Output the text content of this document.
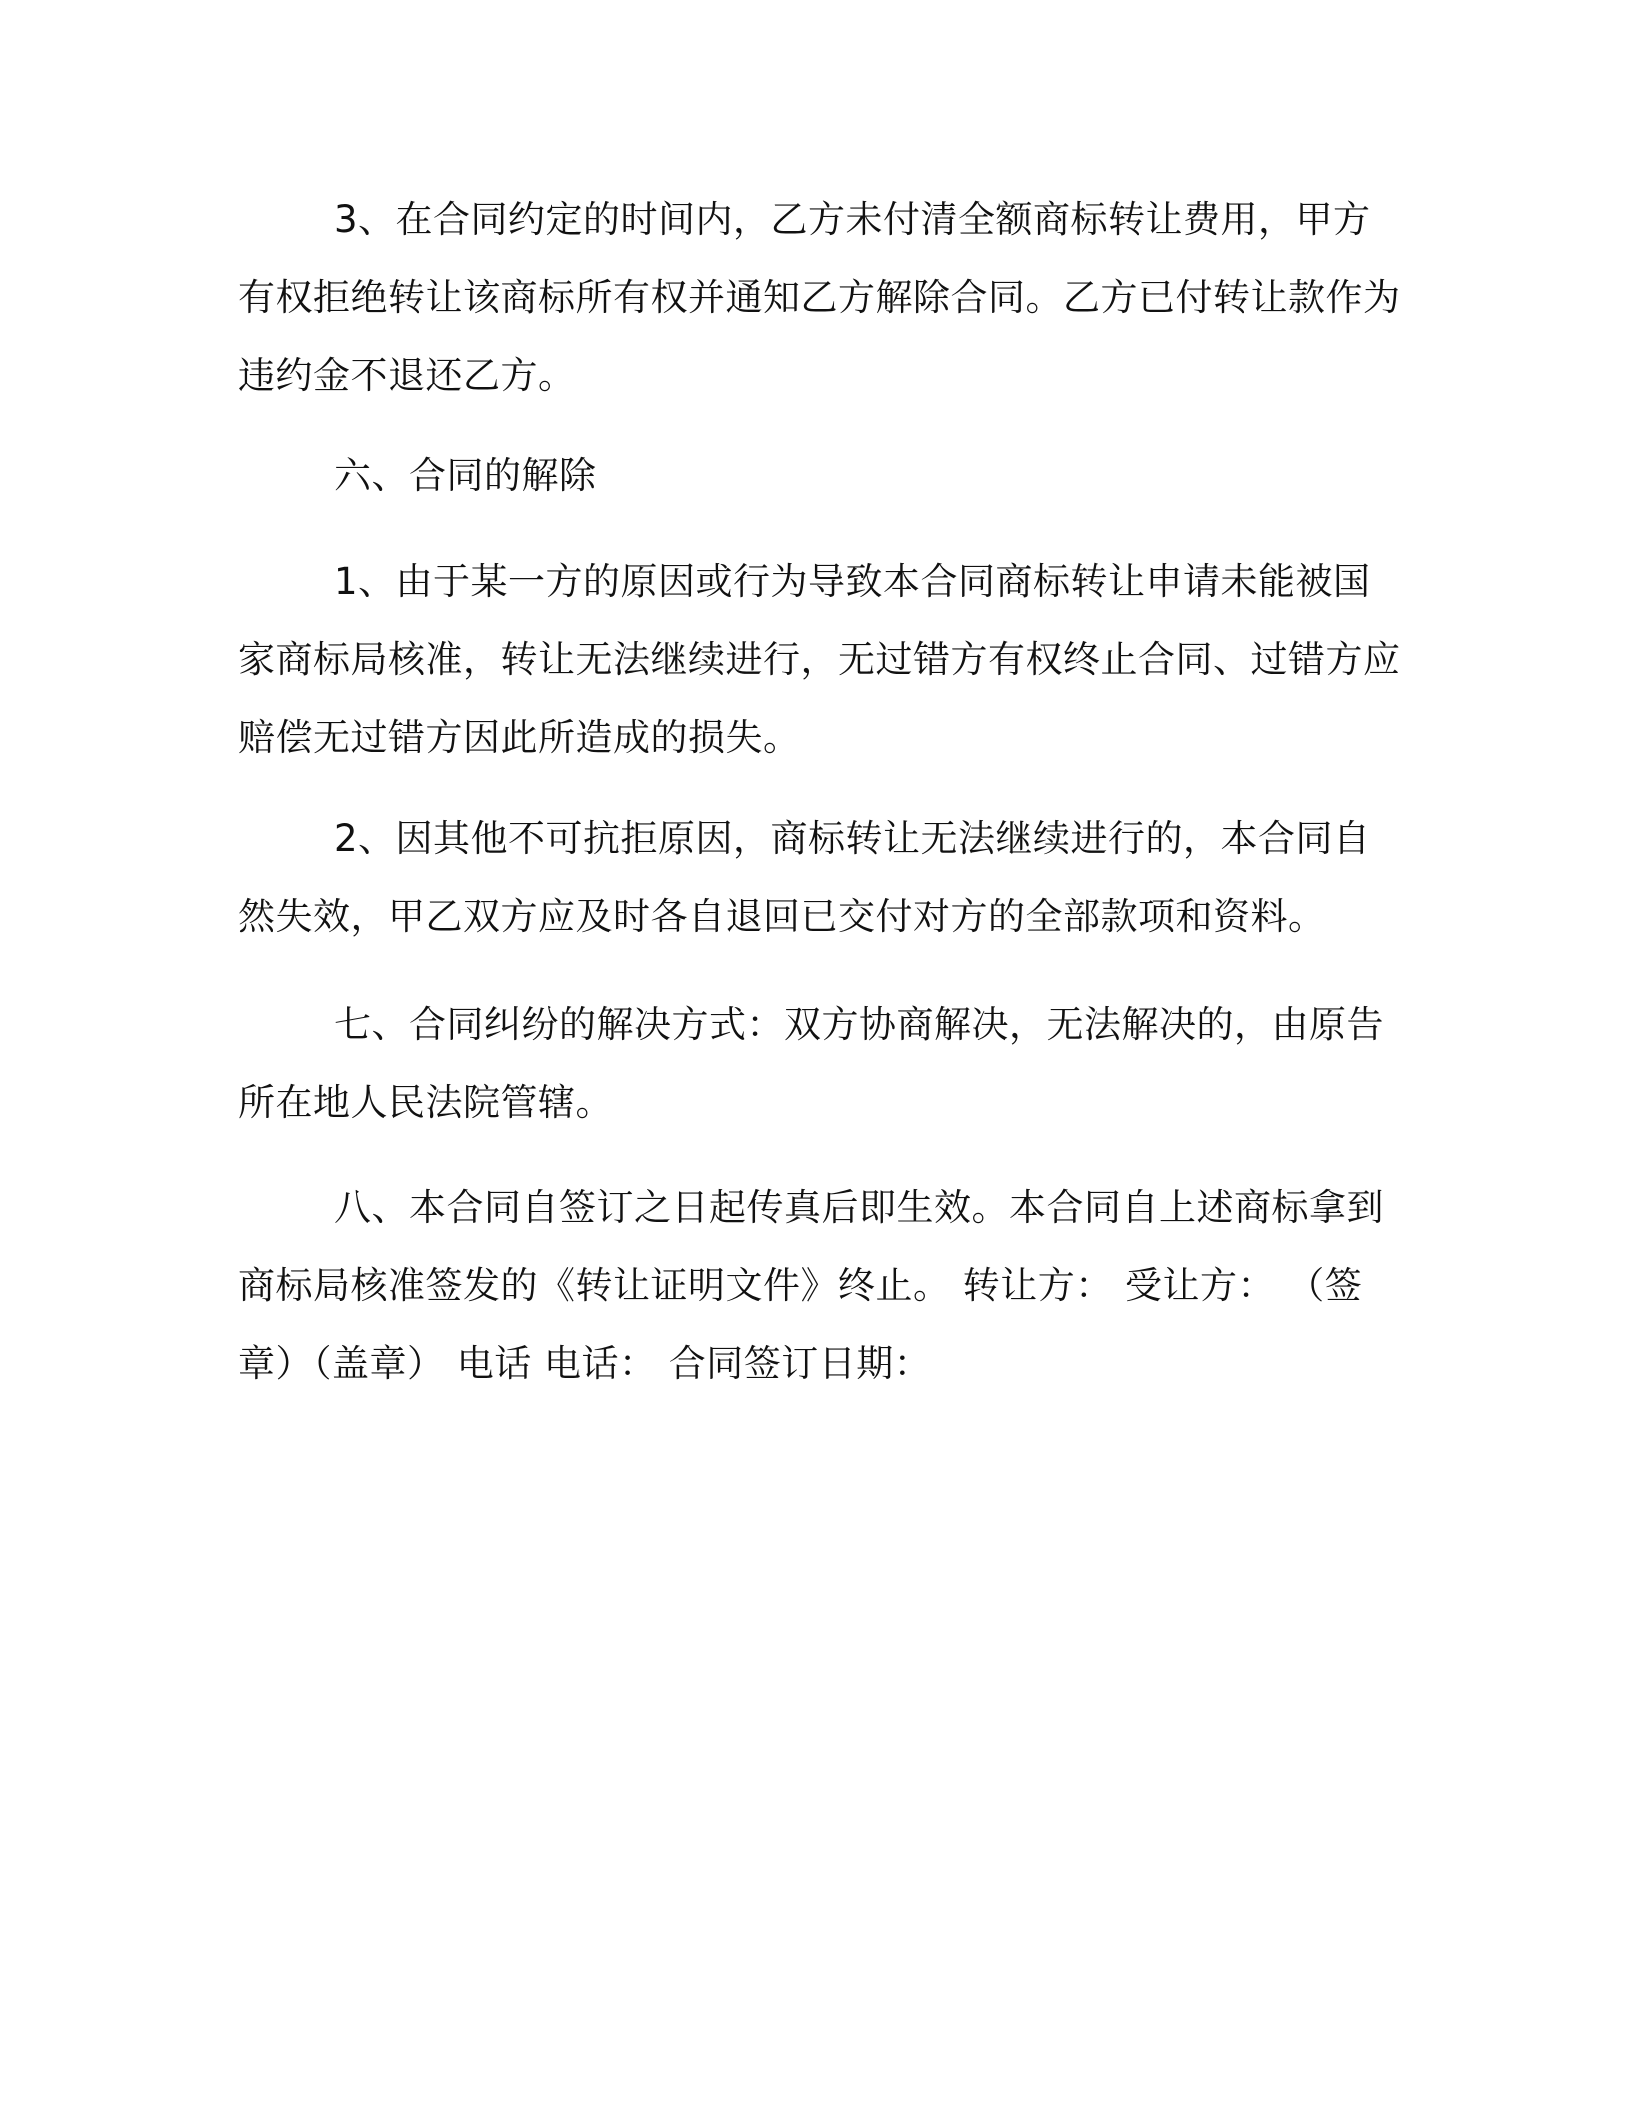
3、在合同约定的时间内，乙方未付清全额商标转让费用，甲方有权拒绝转让该商标所有权并通知乙方解除合同。乙方已付转让款作为违约金不退还乙方。

六、合同的解除

1、由于某一方的原因或行为导致本合同商标转让申请未能被国家商标局核准，转让无法继续进行，无过错方有权终止合同、过错方应赔偿无过错方因此所造成的损失。

2、因其他不可抗拒原因，商标转让无法继续进行的，本合同自然失效，甲乙双方应及时各自退回已交付对方的全部款项和资料。

七、合同纠纷的解决方式：双方协商解决，无法解决的，由原告所在地人民法院管辖。

八、本合同自签订之日起传真后即生效。本合同自上述商标拿到商标局核准签发的《转让证明文件》终止。 转让方： 受让方： （签章）（盖章） 电话 电话： 合同签订日期：
